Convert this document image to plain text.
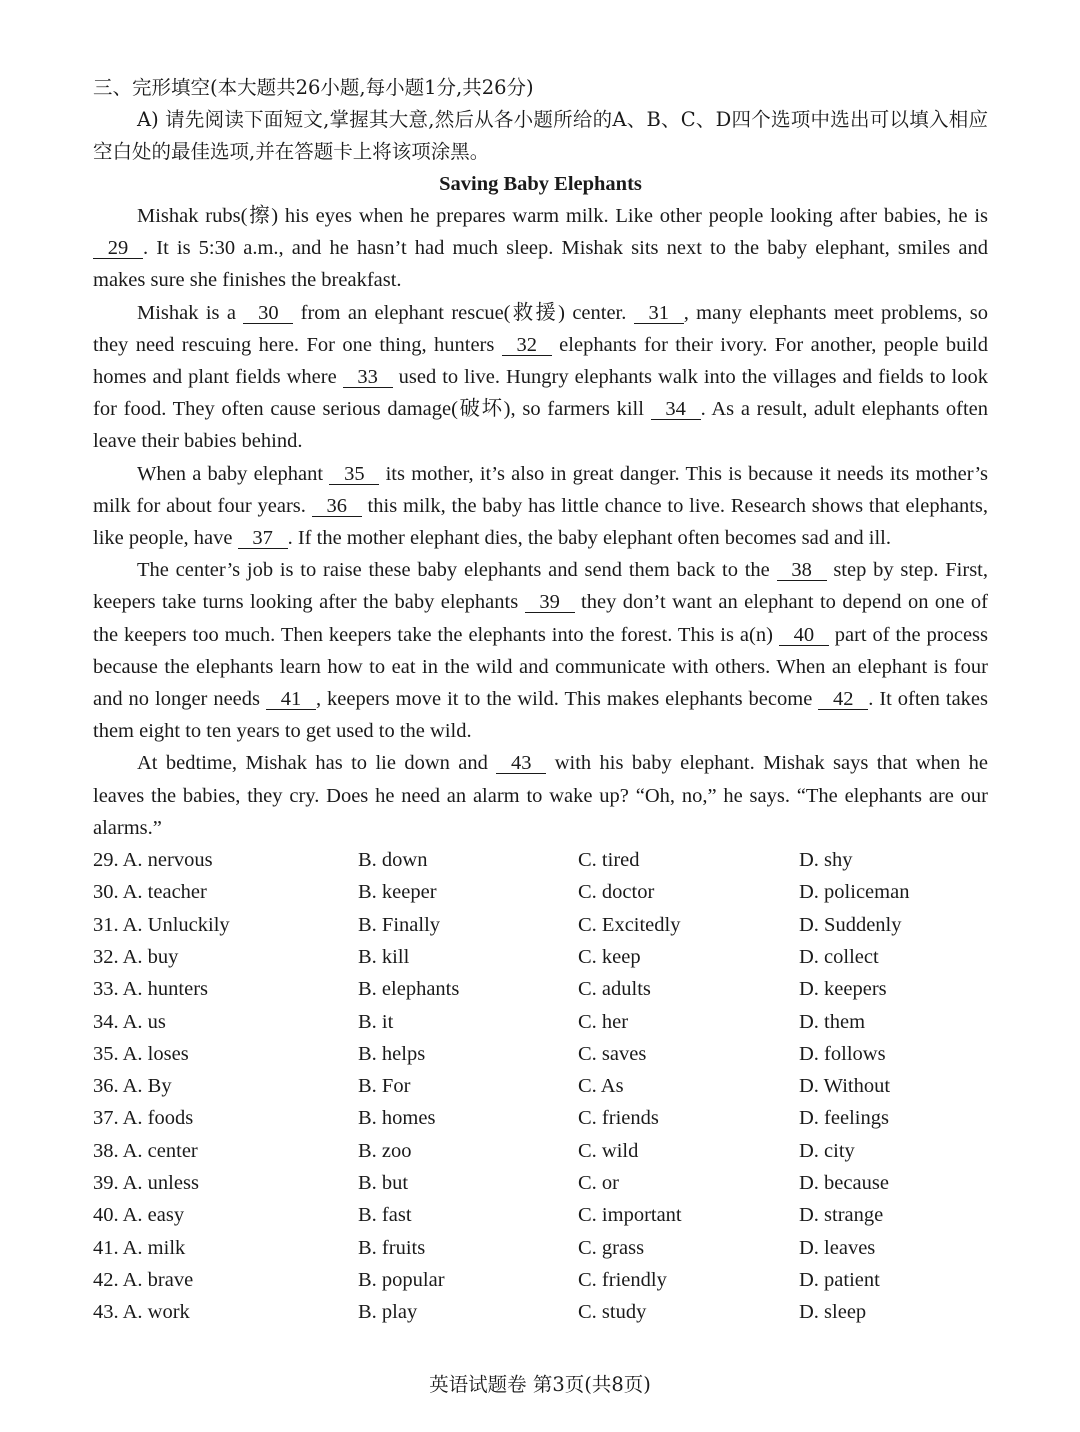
三、完形填空(本大题共26小题,每小题1分,共26分)
A) 请先阅读下面短文,掌握其大意,然后从各小题所给的A、B、C、D四个选项中选出可以填入相应空白处的最佳选项,并在答题卡上将该项涂黑。
Saving Baby Elephants

Mishak rubs(擦) his eyes when he prepares warm milk. Like other people looking after babies, he is 29 . It is 5:30 a.m., and he hasn’t had much sleep. Mishak sits next to the baby elephant, smiles and makes sure she finishes the breakfast.

Mishak is a 30 from an elephant rescue(救援) center. 31 , many elephants meet problems, so they need rescuing here. For one thing, hunters 32 elephants for their ivory. For another, people build homes and plant fields where 33 used to live. Hungry elephants walk into the villages and fields to look for food. They often cause serious damage(破坏), so farmers kill 34 . As a result, adult elephants often leave their babies behind.

When a baby elephant 35 its mother, it’s also in great danger. This is because it needs its mother’s milk for about four years. 36 this milk, the baby has little chance to live. Research shows that elephants, like people, have 37 . If the mother elephant dies, the baby elephant often becomes sad and ill.

The center’s job is to raise these baby elephants and send them back to the 38 step by step. First, keepers take turns looking after the baby elephants 39 they don’t want an elephant to depend on one of the keepers too much. Then keepers take the elephants into the forest. This is a(n) 40 part of the process because the elephants learn how to eat in the wild and communicate with others. When an elephant is four and no longer needs 41 , keepers move it to the wild. This makes elephants become 42 . It often takes them eight to ten years to get used to the wild.

At bedtime, Mishak has to lie down and 43 with his baby elephant. Mishak says that when he leaves the babies, they cry. Does he need an alarm to wake up? “Oh, no,” he says. “The elephants are our alarms.”

29. A. nervous	B. down	C. tired	D. shy
30. A. teacher	B. keeper	C. doctor	D. policeman
31. A. Unluckily	B. Finally	C. Excitedly	D. Suddenly
32. A. buy	B. kill	C. keep	D. collect
33. A. hunters	B. elephants	C. adults	D. keepers
34. A. us	B. it	C. her	D. them
35. A. loses	B. helps	C. saves	D. follows
36. A. By	B. For	C. As	D. Without
37. A. foods	B. homes	C. friends	D. feelings
38. A. center	B. zoo	C. wild	D. city
39. A. unless	B. but	C. or	D. because
40. A. easy	B. fast	C. important	D. strange
41. A. milk	B. fruits	C. grass	D. leaves
42. A. brave	B. popular	C. friendly	D. patient
43. A. work	B. play	C. study	D. sleep
英语试题卷 第3页(共8页)
